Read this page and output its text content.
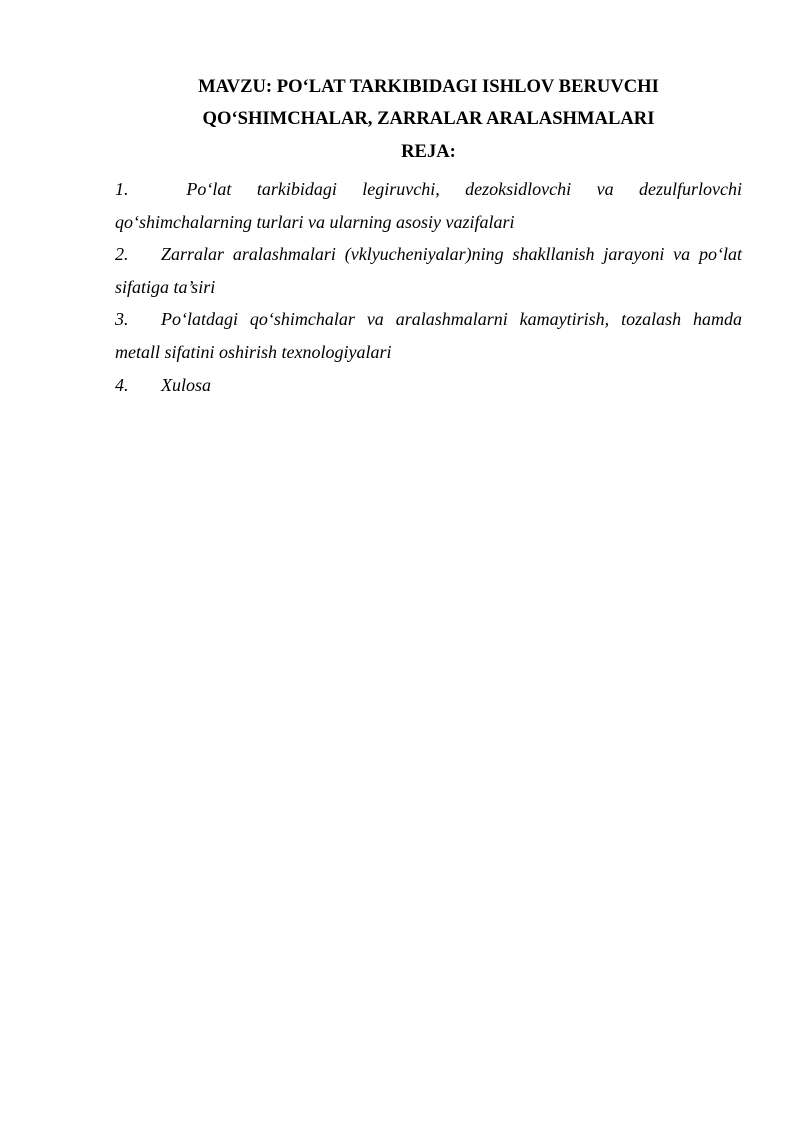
MAVZU: PO‘LAT TARKIBIDAGI ISHLOV BERUVCHI
QO‘SHIMCHALAR, ZARRALAR ARALASHMALARI
REJA:
1.	Po‘lat tarkibidagi legiruvchi, dezoksidlovchi va dezulfurlovchi
qo‘shimchalarning turlari va ularning asosiy vazifalari
2. Zarralar aralashmalari (vklyucheniyalar)ning shakllanish jarayoni va po‘lat
sifatiga ta’siri
3. Po‘latdagi qo‘shimchalar va aralashmalarni kamaytirish, tozalash hamda
metall sifatini oshirish texnologiyalari
4. Xulosa
